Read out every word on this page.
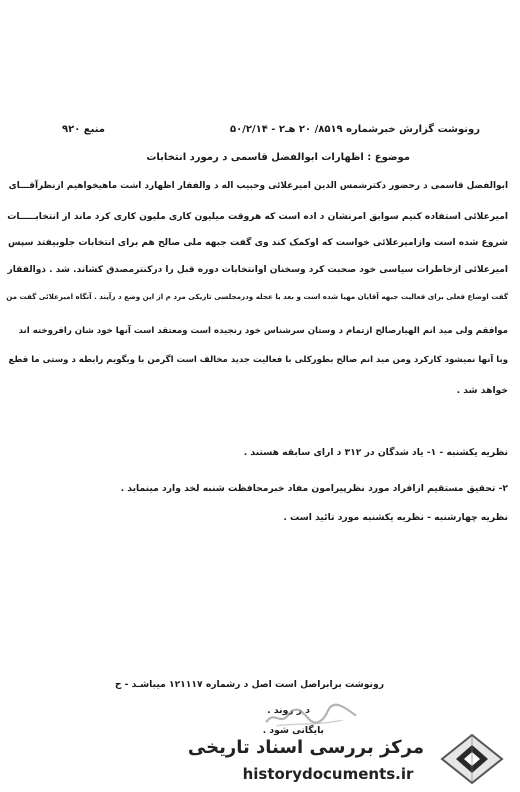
رونوشت گزارش خبرشماره ۸۵۱۹/ ۲۰ هـ۲ - ۵۰/۲/۱۴
منبع ۹۲۰
موضوع : اظهارات ابوالفضل قاسمی د رمورد انتخابات
ابوالفضل قاسمی د رحضور دکترشمس الدین امیرعلائی وحبیب اله د والفقار اظهارد اشت ماهیخواهیم ازنظرآقـــای
امیرعلائی استفاده کنیم سوابق امرنشان د اده است که هروقت میلیون کاری ملیون کاری کرد ماند از انتخابـــــات
شروع شده است وازامیرعلائی خواست که اوکمک کند وی گفت جبهه ملی صالح هم برای انتخابات جلوبیفتد سپس
امیرعلائی ازخاطرات سیاسی خود صحبت کرد وسخنان اوانتخابات دوره قبل را درکنترمصدق کشاند. شد . ذوالفقار
گفت اوضاع فعلی برای فعالیت جبهه آقایان مهیا شده است و بعد با عجله ودرمجلسی تاریکی مرد م از این وضع د رآیند . آنگاه امیرعلائی گفت من
موافقم ولی مید انم الهیارصالح ازتمام د وستان سرشناس خود رنجیده است ومعتقد است آنها خود شان رافروخته اند
وبا آنها نمیشود کارکرد ومن مید انم صالح بطورکلی با فعالیت جدید مخالف است اگرمن با وبگویم رابطه د وستی ما قطع
خواهد شد .
نظریه یکشنبه - ۱- یاد شدگان در ۳۱۲ د ارای سابقه هستند .
۲- تحقیق مستقیم ازافراد مورد نظرپیرامون مفاد خبرمحافظت شنبه لخد وارد مینماید .
نظریه چهارشنبه - نظریه یکشنبه مورد تائید است .
رونوشت برابراصل است اصل د رشماره ۱۲۱۱۱۷ میباشـد - ح
د ر روند .
بایگانی شود .
مرکز بررسی اسناد تاریخی
historydocuments.ir
